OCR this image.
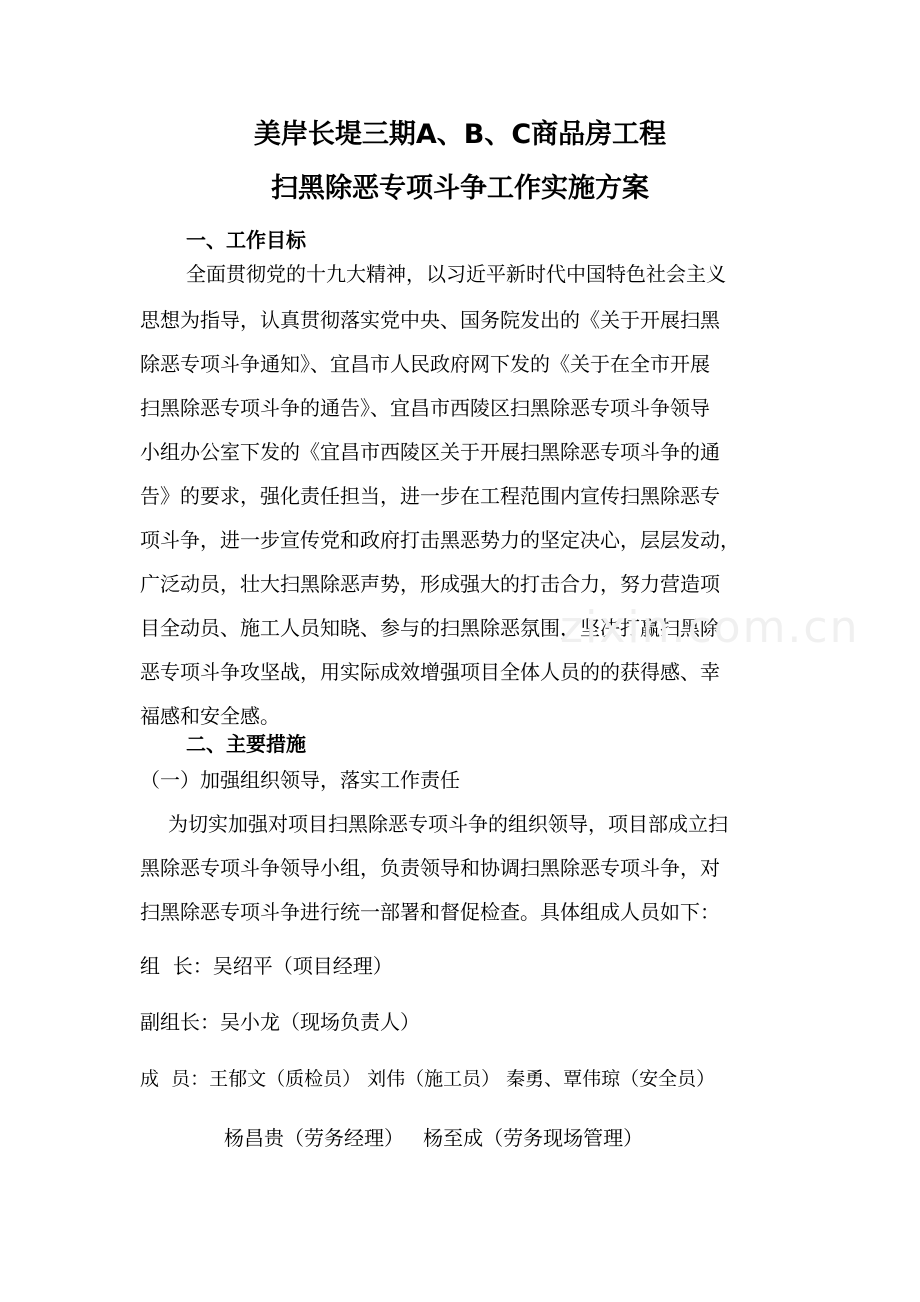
美岸长堤三期A、B、C商品房工程
扫黑除恶专项斗争工作实施方案
一、工作目标
全面贯彻党的十九大精神，以习近平新时代中国特色社会主义
思想为指导，认真贯彻落实党中央、国务院发出的《关于开展扫黑
除恶专项斗争通知》、宜昌市人民政府网下发的《关于在全市开展
扫黑除恶专项斗争的通告》、宜昌市西陵区扫黑除恶专项斗争领导
小组办公室下发的《宜昌市西陵区关于开展扫黑除恶专项斗争的通
告》的要求，强化责任担当，进一步在工程范围内宣传扫黑除恶专
项斗争，进一步宣传党和政府打击黑恶势力的坚定决心，层层发动，
广泛动员，壮大扫黑除恶声势，形成强大的打击合力，努力营造项
目全动员、施工人员知晓、参与的扫黑除恶氛围，坚决打赢扫黑除
恶专项斗争攻坚战，用实际成效增强项目全体人员的的获得感、幸
福感和安全感。
zixin.com.cn
二、主要措施
（一）加强组织领导，落实工作责任
为切实加强对项目扫黑除恶专项斗争的组织领导，项目部成立扫
黑除恶专项斗争领导小组，负责领导和协调扫黑除恶专项斗争，对
扫黑除恶专项斗争进行统一部署和督促检查。具体组成人员如下：
组  长：吴绍平（项目经理）
副组长：吴小龙（现场负责人）
成  员：王郁文（质检员） 刘伟（施工员） 秦勇、覃伟琼（安全员）
杨昌贵（劳务经理）   杨至成（劳务现场管理）
